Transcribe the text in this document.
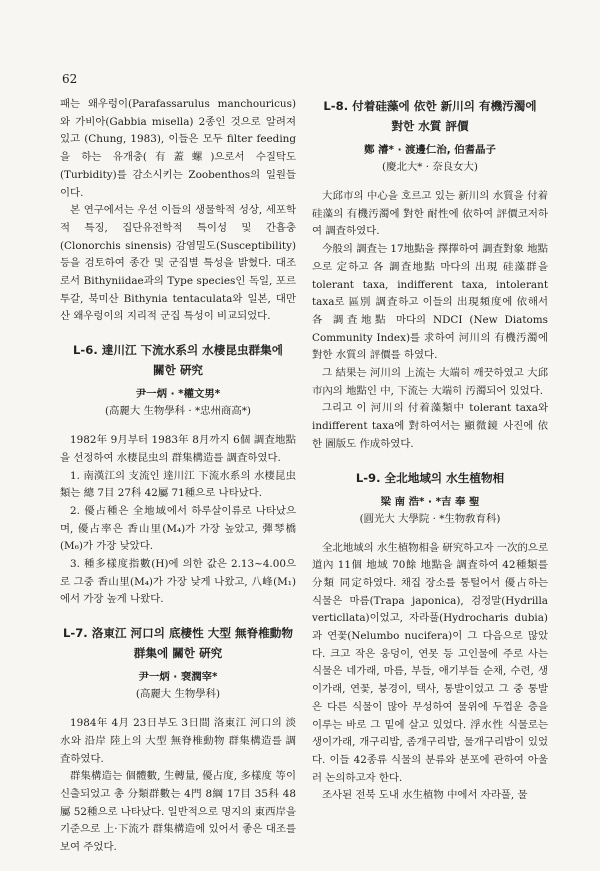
62

패는 왜우렁이(Parafassarulus manchouricus)와 가비아(Gabbia misella) 2종인 것으로 알려져 있고 (Chung, 1983), 이들은 모두 filter feeding을 하는 유개충(有蓋螺)으로서 수질탁도(Turbidity)를 감소시키는 Zoobenthos의 일원들이다.

본 연구에서는 우선 이들의 생물학적 성상, 세포학적 특징, 집단유전학적 특이성 및 간흡충(Clonorchis sinensis) 감염밀도(Susceptibility)등을 검토하여 종간 및 군집별 특성을 밝혔다. 대조로서 Bithyniidae과의 Type species인 독일, 포르투갈, 북미산 Bithynia tentaculata와 일본, 대만산 왜우렁이의 지리적 군집 특성이 비교되었다.

L-6. 達川江 下流水系의 水棲昆虫群集에
關한 硏究
尹一炳 · *權文男*
(高麗大 生物學科 · *忠州商高*)

1982年 9月부터 1983年 8月까지 6個 調査地點을 선정하여 水棲昆虫의 群集構造를 調査하였다.

1. 南漢江의 支流인 達川江 下流水系의 水棲昆虫類는 總 7目 27科 42屬 71種으로 나타났다.

2. 優占種은 全地域에서 하루살이류로 나타났으며, 優占率은 香山里(M₄)가 가장 높았고, 彈琴橋(M₆)가 가장 낮았다.

3. 種多樣度指數(H)에 의한 값은 2.13~4.00으로 그중 香山里(M₄)가 가장 낮게 나왔고, 八峰(M₁)에서 가장 높게 나왔다.

L-7. 洛東江 河口의 底棲性 大型 無脊椎動物
群集에 關한 硏究
尹一炳 · 裵潤宰*
(高麗大 生物學科)

1984年 4月 23日부도 3日間 洛東江 河口의 淡水와 沿岸 陸上의 大型 無脊椎動物 群集構造를 調査하였다.

群集構造는 個體數, 生轉量, 優占度, 多樣度 等이 신출되었고 총 分類群數는 4門 8綱 17目 35科 48屬 52種으로 나타났다. 일반적으로 명지의 東西岸을 기준으로 上·下流가 群集構造에 있어서 좋은 대조를 보여 주었다.

L-8. 付着硅藻에 依한 新川의 有機汚濁에
對한 水質 評價
鄭 濬* · 渡邊仁治, 伯耆晶子
(慶北大* · 奈良女大)

大邱市의 中心을 호르고 있는 新川의 水質을 付着硅藻의 有機汚濁에 對한 耐性에 依하여 評價코저하여 調査하였다.

今般의 調査는 17地點을 擇擇하여 調査對象 地點으로 定하고 各 調査地點 마다의 出現 硅藻群을 tolerant taxa, indifferent taxa, intolerant taxa로 區別 調査하고 이들의 出現頻度에 依해서 各 調査地點 마다의 NDCI (New Diatoms Community Index)를 求하여 河川의 有機汚濁에 對한 水質의 評價를 하였다.

그 結果는 河川의 上流는 大端히 깨끗하였고 大邱市內의 地點인 中, 下流는 大端히 汚濁되어 있었다.

그리고 이 河川의 付着藻類中 tolerant taxa와 indifferent taxa에 對하여서는 顯微鏡 사진에 依한 圖版도 作成하였다.

L-9. 全北地域의 水生植物相
梁 南 浩* · *吉 奉 聖
(圓光大 大學院 · *生物敎育科)

全北地域의 水生植物相을 研究하고자 一次的으로 道內 11個 地域 70餘 地點을 調査하여 42種類를 分類 同定하였다. 채집 장소를 통털어서 優占하는 식물은 마름(Trapa japonica), 검정말(Hydrilla verticllata)이었고, 자라풀(Hydrocharis dubia)과 연꽃(Nelumbo nucifera)이 그 다음으로 많았다. 크고 작은 웅덩이, 연못 등 고인물에 주로 사는 식물은 네가래, 마름, 부들, 애기부들 순채, 수련, 생이가래, 연꽃, 붕경이, 택사, 통발이었고 그 중 통발은 다른 식물이 많아 무성하여 물위에 두껍운 층을 이루는 바로 그 밑에 살고 있었다. 浮水性 식물로는 생이가래, 개구리밥, 좀개구리밥, 물개구리밥이 있었다. 이들 42종류 식물의 분류와 분포에 관하여 아울러 논의하고자 한다.

조사된 전북 도내 水生植物 中에서 자라풀, 물
